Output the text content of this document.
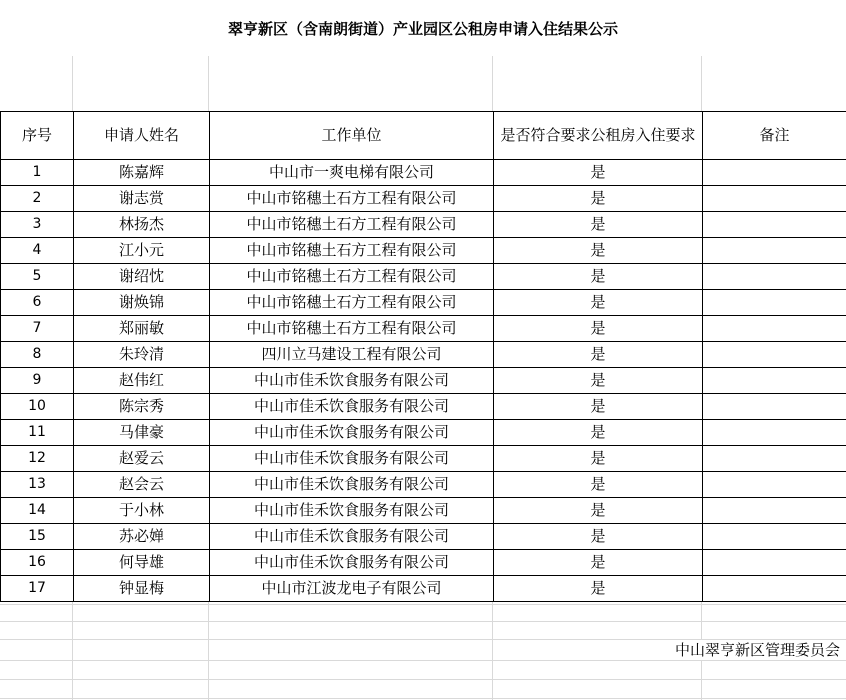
翠亨新区（含南朗街道）产业园区公租房申请入住结果公示
序号	申请人姓名	工作单位	是否符合要求公租房入住要求	备注
1	陈嘉辉	中山市一爽电梯有限公司	是	
2	谢志赏	中山市铭穗土石方工程有限公司	是	
3	林扬杰	中山市铭穗土石方工程有限公司	是	
4	江小元	中山市铭穗土石方工程有限公司	是	
5	谢绍忱	中山市铭穗土石方工程有限公司	是	
6	谢焕锦	中山市铭穗土石方工程有限公司	是	
7	郑丽敏	中山市铭穗土石方工程有限公司	是	
8	朱玲清	四川立马建设工程有限公司	是	
9	赵伟红	中山市佳禾饮食服务有限公司	是	
10	陈宗秀	中山市佳禾饮食服务有限公司	是	
11	马侓豪	中山市佳禾饮食服务有限公司	是	
12	赵爱云	中山市佳禾饮食服务有限公司	是	
13	赵会云	中山市佳禾饮食服务有限公司	是	
14	于小林	中山市佳禾饮食服务有限公司	是	
15	苏必婵	中山市佳禾饮食服务有限公司	是	
16	何导雄	中山市佳禾饮食服务有限公司	是	
17	钟显梅	中山市江波龙电子有限公司	是	
中山翠亨新区管理委员会
